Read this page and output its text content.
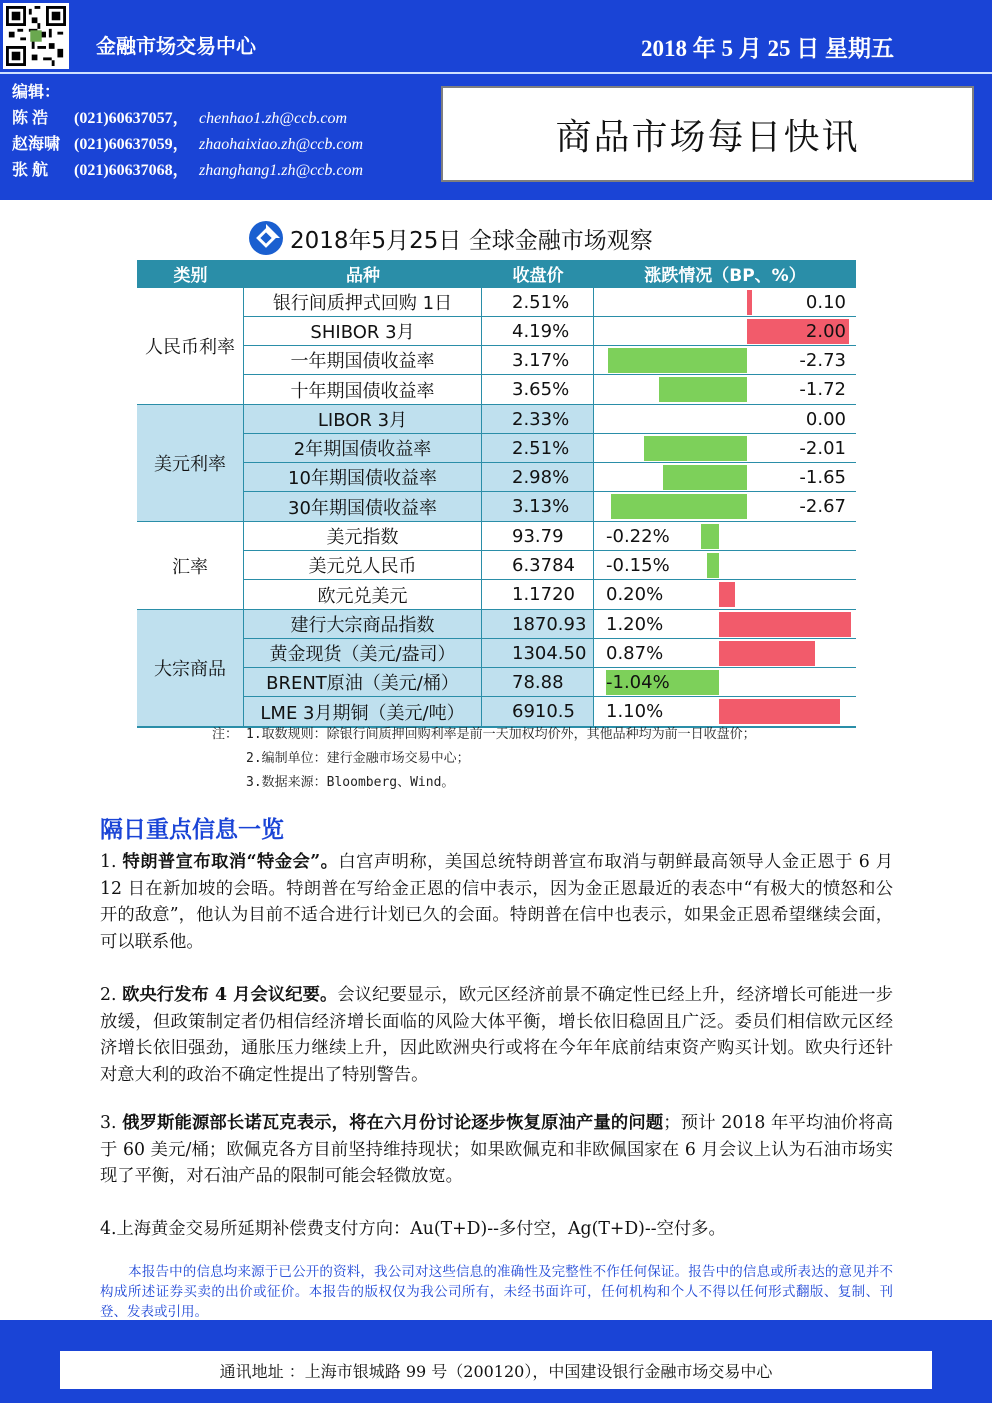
金融市场交易中心	2018 年 5 月 25 日 星期五
编辑：
陈 浩	(021)60637057， chenhao1.zh@ccb.com
赵海啸 (021)60637059， zhaohaixiao.zh@ccb.com
张 航	(021)60637068， zhanghang1.zh@ccb.com
商品市场每日快讯
2018年5月25日 全球金融市场观察
类别	品种	收盘价	涨跌情况（BP、%）
人民币利率
银行间质押式回购 1日	2.51%	0.10
SHIBOR 3月	4.19%	2.00
一年期国债收益率	3.17%	-2.73
十年期国债收益率	3.65%	-1.72
美元利率
LIBOR 3月	2.33%	0.00
2年期国债收益率	2.51%	-2.01
10年期国债收益率	2.98%	-1.65
30年期国债收益率	3.13%	-2.67
汇率
美元指数	93.79	-0.22%
美元兑人民币	6.3784	-0.15%
欧元兑美元	1.1720	0.20%
大宗商品
建行大宗商品指数	1870.93	1.20%
黄金现货（美元/盎司）	1304.50	0.87%
BRENT原油（美元/桶）	78.88	-1.04%
LME 3月期铜（美元/吨）	6910.5	1.10%
注： 1.取数规则：除银行间质押回购利率是前一天加权均价外，其他品种均为前一日收盘价；
2.编制单位：建行金融市场交易中心；
3.数据来源：Bloomberg、Wind。
隔日重点信息一览
1. 特朗普宣布取消“特金会”。白宫声明称，美国总统特朗普宣布取消与朝鲜最高领导人金正恩于 6 月 12 日在新加坡的会晤。特朗普在写给金正恩的信中表示，因为金正恩最近的表态中“有极大的愤怒和公开的敌意”，他认为目前不适合进行计划已久的会面。特朗普在信中也表示，如果金正恩希望继续会面，可以联系他。
2. 欧央行发布 4 月会议纪要。会议纪要显示，欧元区经济前景不确定性已经上升，经济增长可能进一步放缓，但政策制定者仍相信经济增长面临的风险大体平衡，增长依旧稳固且广泛。委员们相信欧元区经济增长依旧强劲，通胀压力继续上升，因此欧洲央行或将在今年年底前结束资产购买计划。欧央行还针对意大利的政治不确定性提出了特别警告。
3. 俄罗斯能源部长诺瓦克表示，将在六月份讨论逐步恢复原油产量的问题；预计 2018 年平均油价将高于 60 美元/桶；欧佩克各方目前坚持维持现状；如果欧佩克和非欧佩国家在 6 月会议上认为石油市场实现了平衡，对石油产品的限制可能会轻微放宽。
4.上海黄金交易所延期补偿费支付方向：Au(T+D)--多付空，Ag(T+D)--空付多。
本报告中的信息均来源于已公开的资料，我公司对这些信息的准确性及完整性不作任何保证。报告中的信息或所表达的意见并不构成所述证券买卖的出价或征价。本报告的版权仅为我公司所有，未经书面许可，任何机构和个人不得以任何形式翻版、复制、刊登、发表或引用。
通讯地址 ：上海市银城路 99 号（200120），中国建设银行金融市场交易中心
